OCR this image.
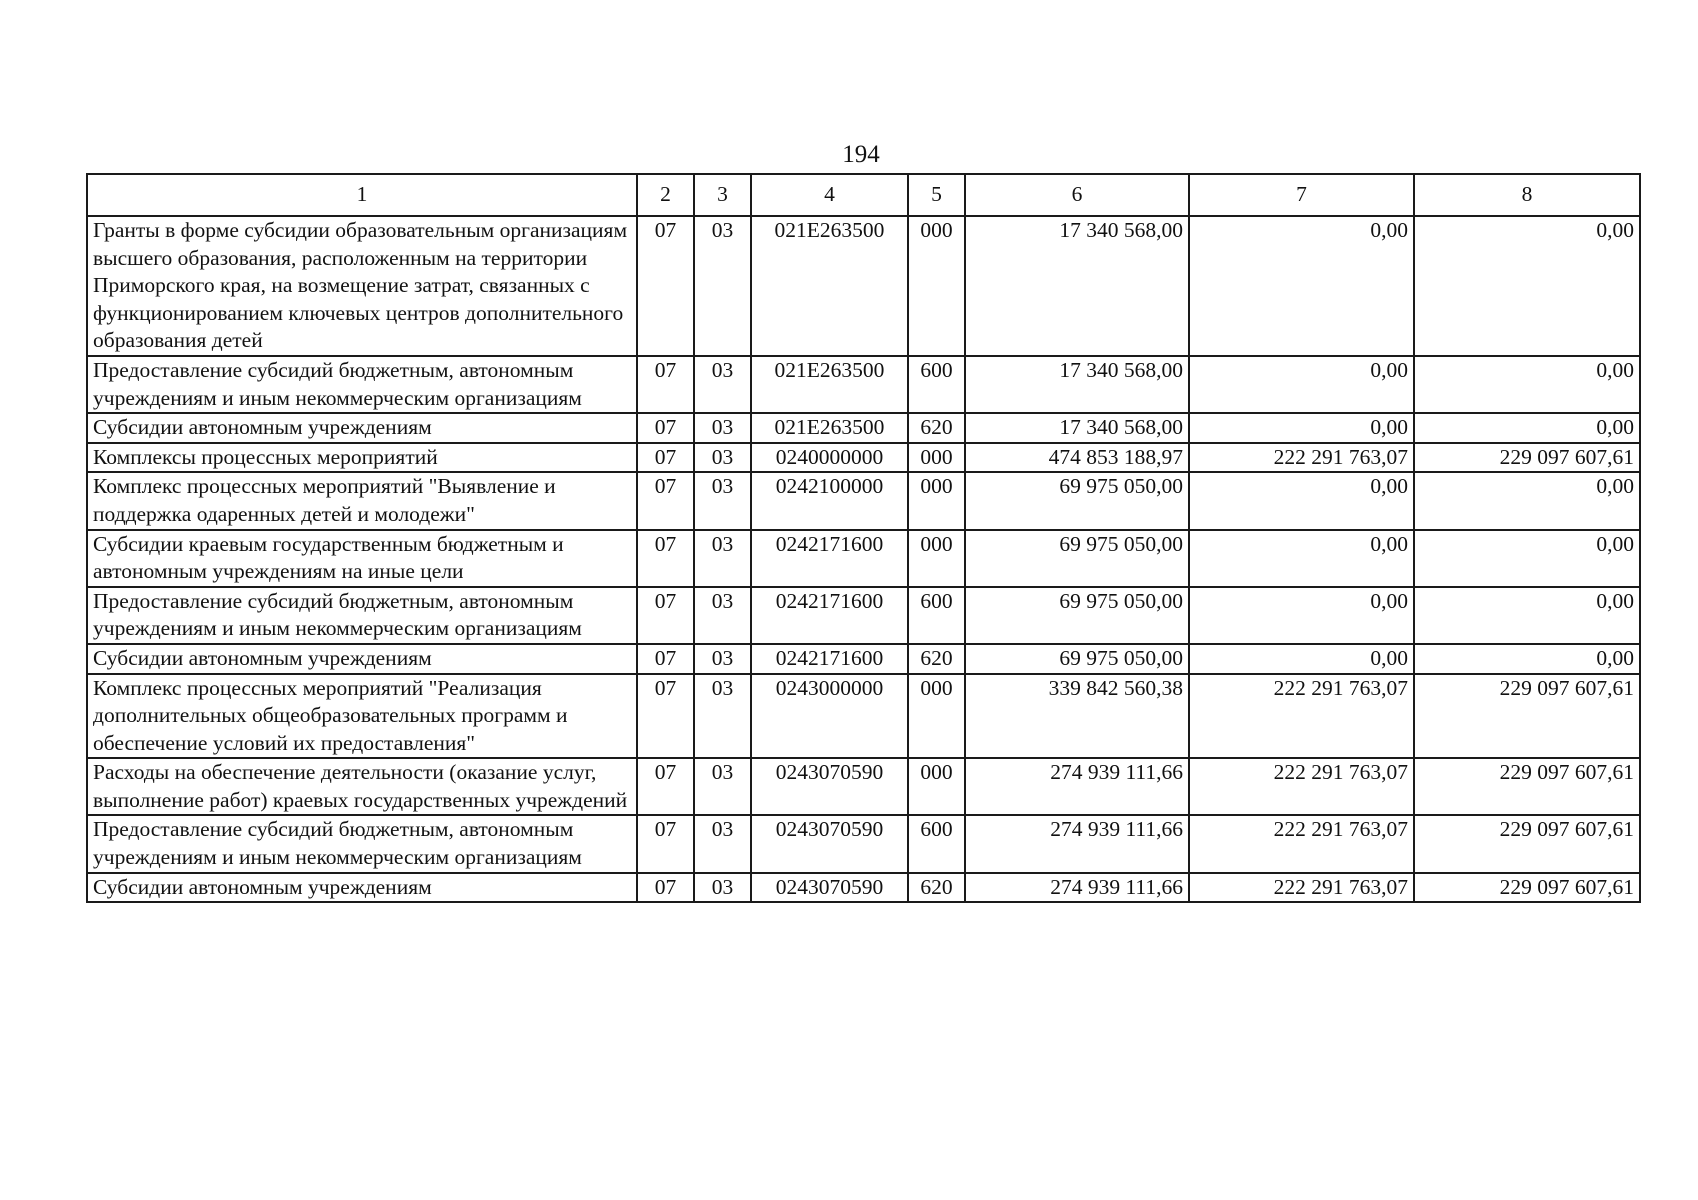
194
1	2	3	4	5	6	7	8
Гранты в форме субсидии образовательным организациям высшего образования, расположенным на территории Приморского края, на возмещение затрат, связанных с функционированием ключевых центров дополнительного образования детей	07	03	021E263500	000	17 340 568,00	0,00	0,00
Предоставление субсидий бюджетным, автономным учреждениям и иным некоммерческим организациям	07	03	021E263500	600	17 340 568,00	0,00	0,00
Субсидии автономным учреждениям	07	03	021E263500	620	17 340 568,00	0,00	0,00
Комплексы процессных мероприятий	07	03	0240000000	000	474 853 188,97	222 291 763,07	229 097 607,61
Комплекс процессных мероприятий "Выявление и поддержка одаренных детей и молодежи"	07	03	0242100000	000	69 975 050,00	0,00	0,00
Субсидии краевым государственным бюджетным и автономным учреждениям на иные цели	07	03	0242171600	000	69 975 050,00	0,00	0,00
Предоставление субсидий бюджетным, автономным учреждениям и иным некоммерческим организациям	07	03	0242171600	600	69 975 050,00	0,00	0,00
Субсидии автономным учреждениям	07	03	0242171600	620	69 975 050,00	0,00	0,00
Комплекс процессных мероприятий "Реализация дополнительных общеобразовательных программ и обеспечение условий их предоставления"	07	03	0243000000	000	339 842 560,38	222 291 763,07	229 097 607,61
Расходы на обеспечение деятельности (оказание услуг, выполнение работ) краевых государственных учреждений	07	03	0243070590	000	274 939 111,66	222 291 763,07	229 097 607,61
Предоставление субсидий бюджетным, автономным учреждениям и иным некоммерческим организациям	07	03	0243070590	600	274 939 111,66	222 291 763,07	229 097 607,61
Субсидии автономным учреждениям	07	03	0243070590	620	274 939 111,66	222 291 763,07	229 097 607,61
